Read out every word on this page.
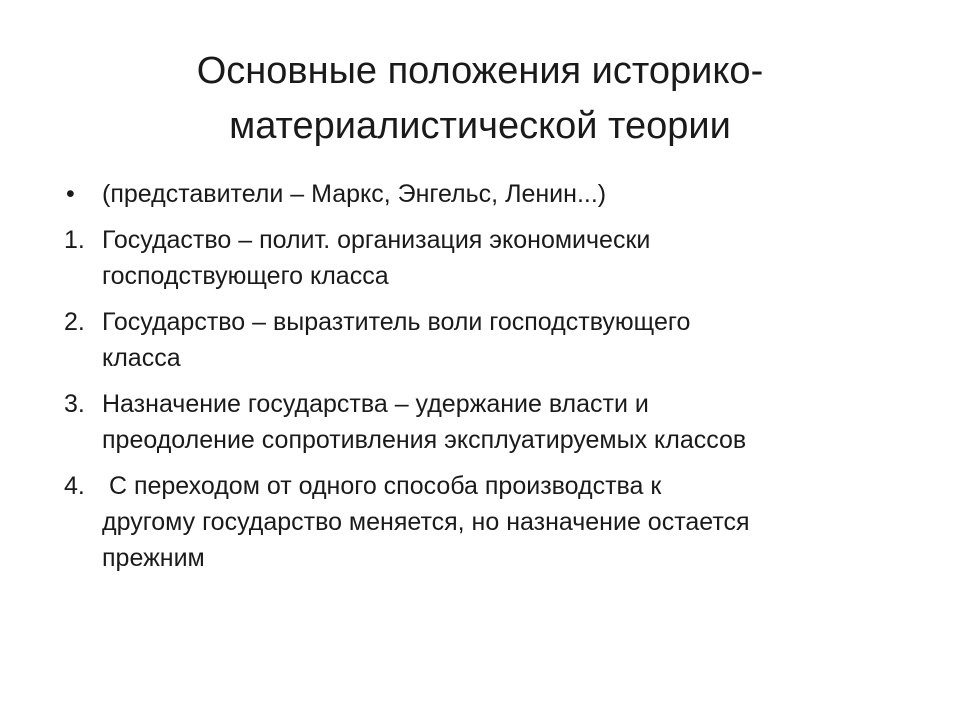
Основные положения историко-
материалистической теории
• (представители – Маркс, Энгельс, Ленин...)
1. Госудаство – полит. организация экономически
господствующего класса
2. Государство – выразтитель воли господствующего
класса
3. Назначение государства – удержание власти и
преодоление сопротивления эксплуатируемых классов
4. С переходом от одного способа производства к
другому государство меняется, но назначение остается
прежним
